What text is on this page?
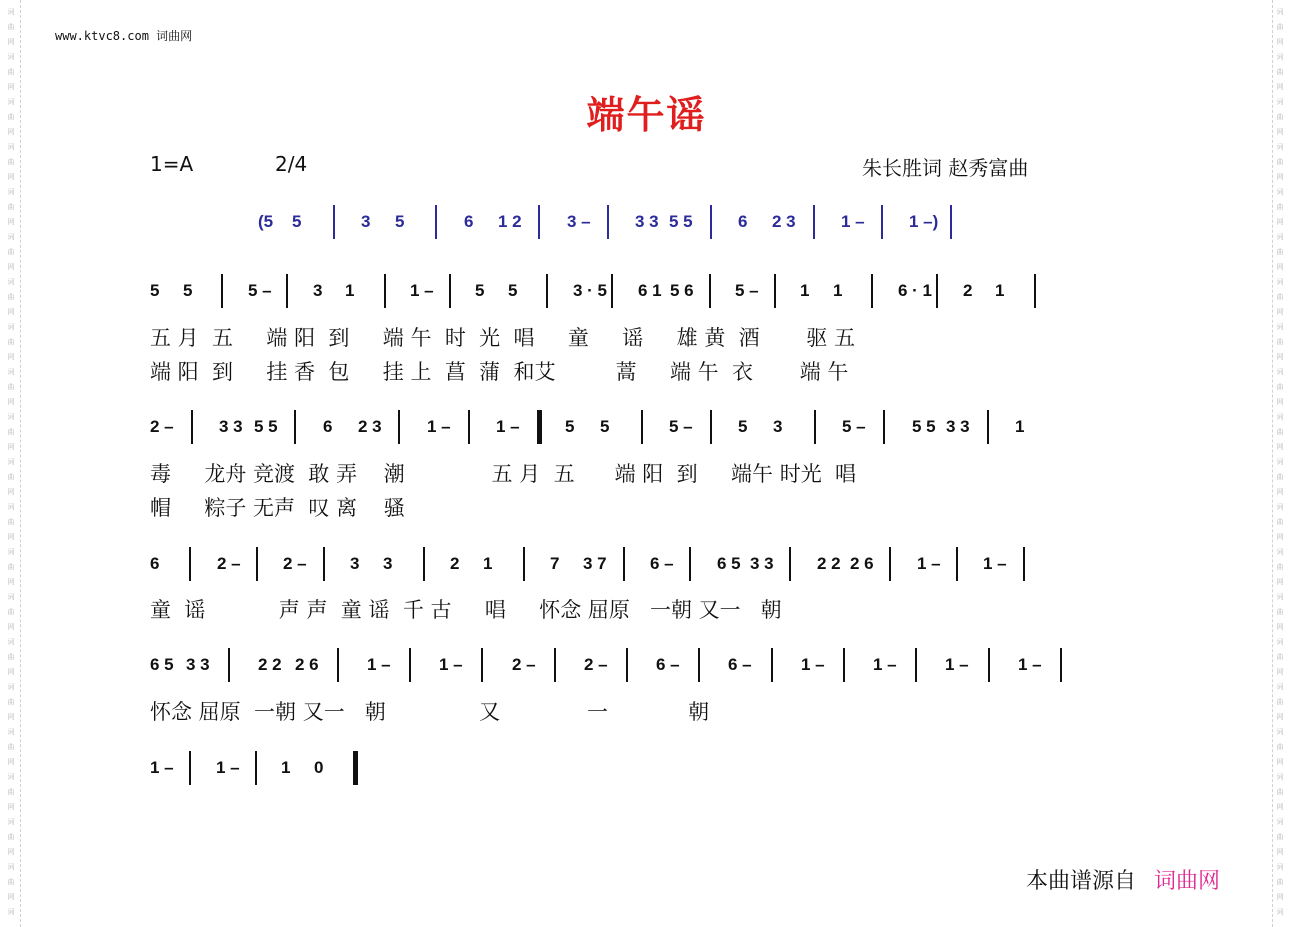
词
曲
网
词
曲
网
词
曲
网
词
曲
网
词
曲
网
词
曲
网
词
曲
网
词
曲
网
词
曲
网
词
曲
网
词
曲
网
词
曲
网
词
曲
网
词
曲
网
词
曲
网
词
曲
网
词
曲
网
词
曲
网
词
曲
网
词
曲
网
词
词
曲
网
词
曲
网
词
曲
网
词
曲
网
词
曲
网
词
曲
网
词
曲
网
词
曲
网
词
曲
网
词
曲
网
词
曲
网
词
曲
网
词
曲
网
词
曲
网
词
曲
网
词
曲
网
词
曲
网
词
曲
网
词
曲
网
词
曲
网
词
www.ktvc8.com 词曲网
端午谣
1=A	2/4	朱长胜词 赵秀富曲
(5 5	3 5	6 1 2	3 –	3 3 5 5	6 2 3	1 –	1 –)
5 5	5 – 3 1	1 – 5 5	3 · 5 6 1 5 6 5 – 1 1	6 · 1 2 1
五 月  五     端 阳  到     端 午  时  光  唱     童     谣     雄 黄  酒       驱 五
端 阳  到     挂 香  包     挂 上  菖  蒲  和艾         蒿     端 午  衣       端 午
2 –	3 3 5 5	6 2 3	1 –	1 –	5 5	5 –	5 3	5 –	5 5 3 3	1
毒     龙舟 竞渡  敢 弄    潮             五 月  五      端 阳  到     端午 时光  唱
帽     粽子 无声  叹 离    骚
6	2 – 2 –	3 3	2 1	7 3 7	6 –	6 5 3 3	2 2 2 6	1 – 1 –
童  谣           声 声  童 谣  千 古     唱     怀念 屈原   一朝 又一   朝
6 5 3 3	2 2 2 6	1 –	1 –	2 –	2 –	6 –	6 –	1 –	1 –	1 –	1 –
怀念 屈原  一朝 又一   朝              又             一            朝
1 – 1 – 1 0
本曲谱源自 词曲网
